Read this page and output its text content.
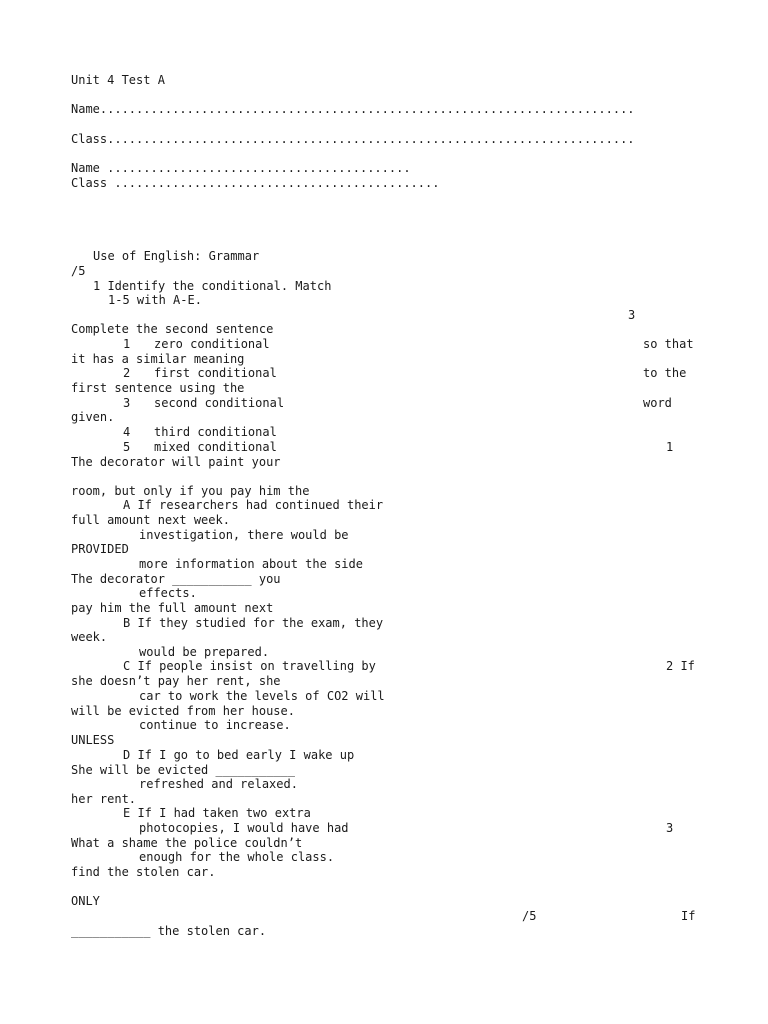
Unit 4 Test A
Name..........................................................................
Class.........................................................................
Name ..........................................
Class .............................................
Use of English: Grammar
/5
1 Identify the conditional. Match
1-5 with A-E.
3
Complete the second sentence
1 zero conditional	so that
it has a similar meaning
2 first conditional	to the
first sentence using the
3 second conditional	word
given.
4 third conditional
5 mixed conditional	1
The decorator will paint your
room, but only if you pay him the
A If researchers had continued their
full amount next week.
investigation, there would be
PROVIDED
more information about the side
The decorator ___________ you
effects.
pay him the full amount next
B If they studied for the exam, they
week.
would be prepared.
C If people insist on travelling by	2 If
she doesn’t pay her rent, she
car to work the levels of CO2 will
will be evicted from her house.
continue to increase.
UNLESS
D If I go to bed early I wake up
She will be evicted ___________
refreshed and relaxed.
her rent.
E If I had taken two extra
photocopies, I would have had	3
What a shame the police couldn’t
enough for the whole class.
find the stolen car.
ONLY
/5	If
___________ the stolen car.
